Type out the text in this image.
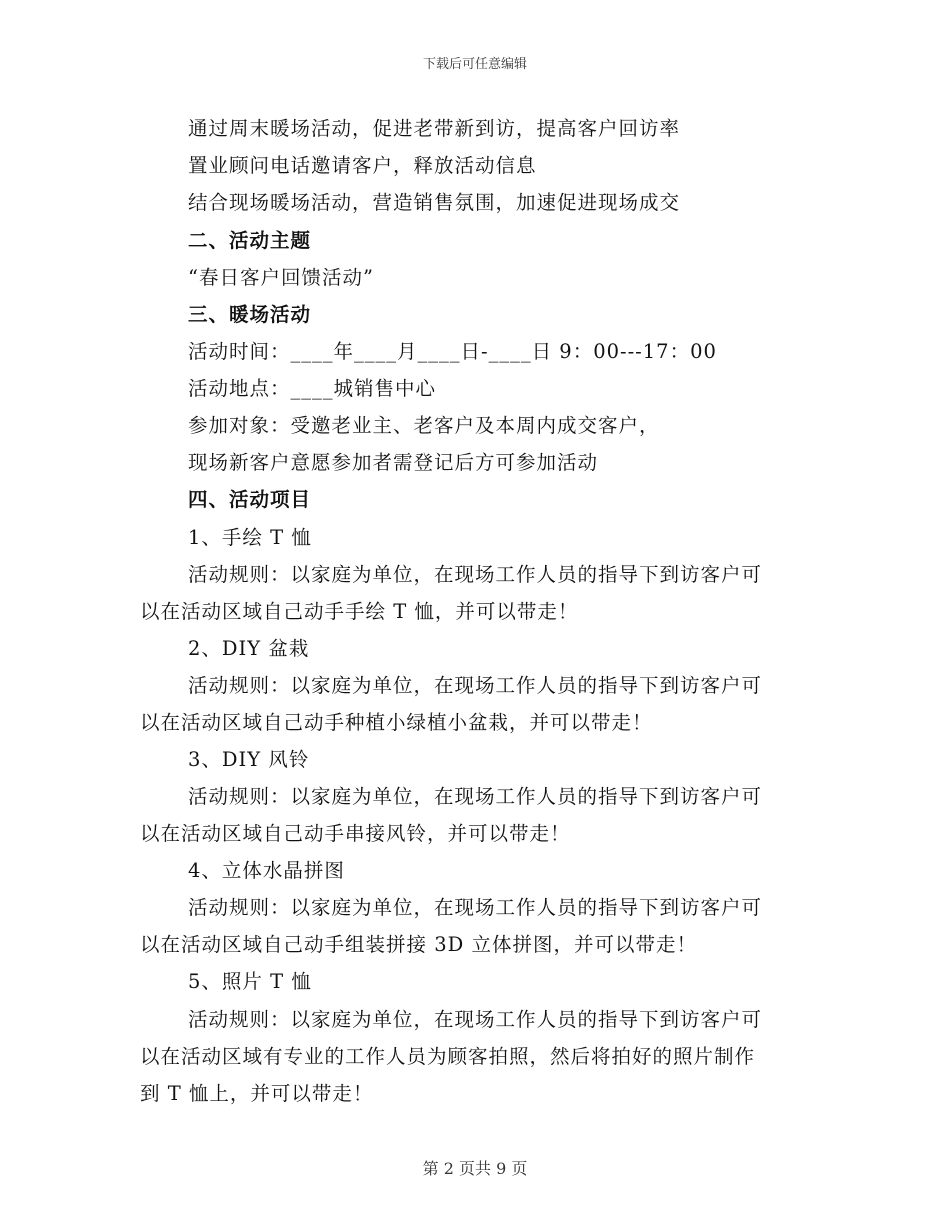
下载后可任意编辑
通过周末暖场活动，促进老带新到访，提高客户回访率
置业顾问电话邀请客户，释放活动信息
结合现场暖场活动，营造销售氛围，加速促进现场成交
二、活动主题
“春日客户回馈活动”
三、暖场活动
活动时间：____年____月____日-____日 9：00---17：00
活动地点：____城销售中心
参加对象：受邀老业主、老客户及本周内成交客户，
现场新客户意愿参加者需登记后方可参加活动
四、活动项目
1、手绘 T 恤
活动规则：以家庭为单位，在现场工作人员的指导下到访客户可
以在活动区域自己动手手绘 T 恤，并可以带走！
2、DIY 盆栽
活动规则：以家庭为单位，在现场工作人员的指导下到访客户可
以在活动区域自己动手种植小绿植小盆栽，并可以带走！
3、DIY 风铃
活动规则：以家庭为单位，在现场工作人员的指导下到访客户可
以在活动区域自己动手串接风铃，并可以带走！
4、立体水晶拼图
活动规则：以家庭为单位，在现场工作人员的指导下到访客户可
以在活动区域自己动手组装拼接 3D 立体拼图，并可以带走！
5、照片 T 恤
活动规则：以家庭为单位，在现场工作人员的指导下到访客户可
以在活动区域有专业的工作人员为顾客拍照，然后将拍好的照片制作
到 T 恤上，并可以带走！
第 2 页共 9 页
